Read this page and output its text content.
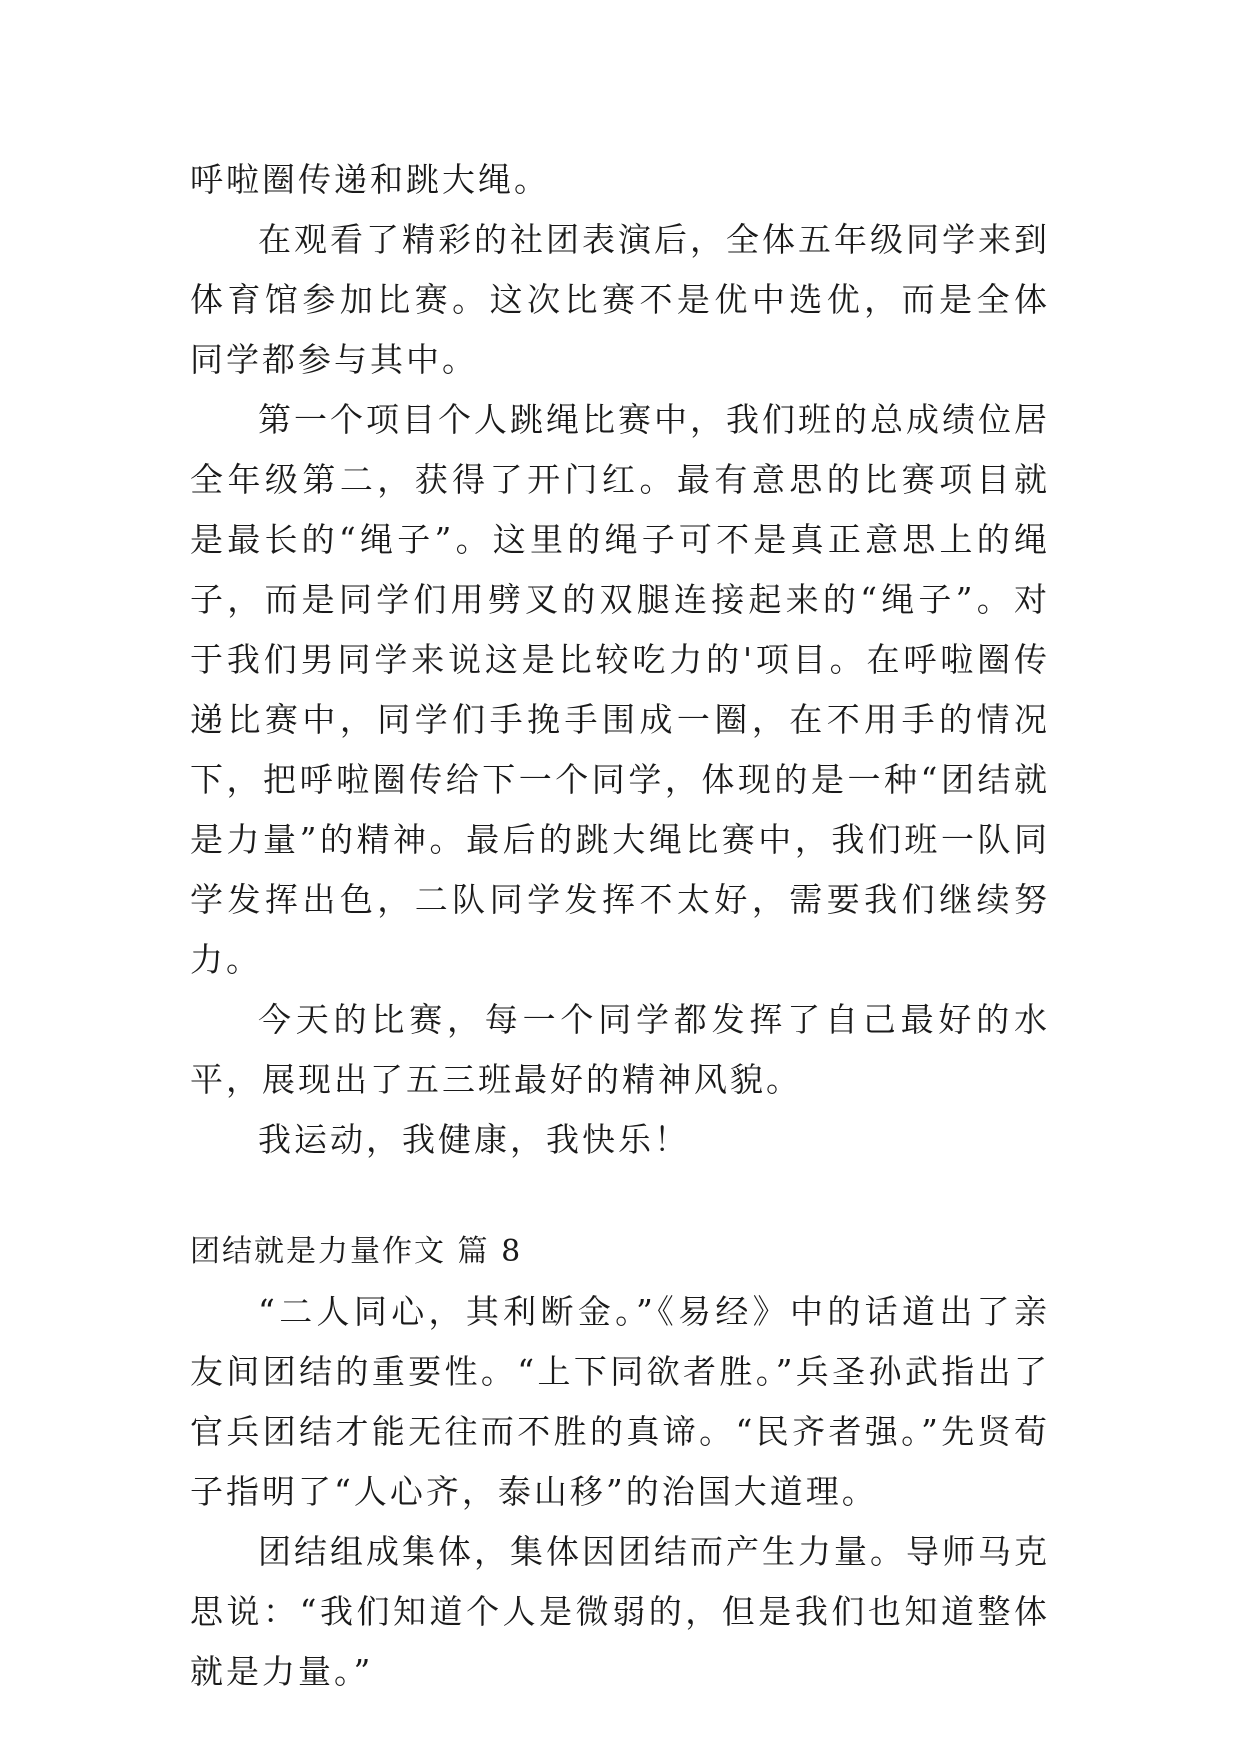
呼啦圈传递和跳大绳。

在观看了精彩的社团表演后，全体五年级同学来到体育馆参加比赛。这次比赛不是优中选优，而是全体同学都参与其中。

第一个项目个人跳绳比赛中，我们班的总成绩位居全年级第二，获得了开门红。最有意思的比赛项目就是最长的“绳子”。这里的绳子可不是真正意思上的绳子，而是同学们用劈叉的双腿连接起来的“绳子”。对于我们男同学来说这是比较吃力的'项目。在呼啦圈传递比赛中，同学们手挽手围成一圈，在不用手的情况下，把呼啦圈传给下一个同学，体现的是一种“团结就是力量”的精神。最后的跳大绳比赛中，我们班一队同学发挥出色，二队同学发挥不太好，需要我们继续努力。

今天的比赛，每一个同学都发挥了自己最好的水平，展现出了五三班最好的精神风貌。

我运动，我健康，我快乐！

团结就是力量作文 篇 8

“二人同心，其利断金。”《易经》中的话道出了亲友间团结的重要性。“上下同欲者胜。”兵圣孙武指出了官兵团结才能无往而不胜的真谛。“民齐者强。”先贤荀子指明了“人心齐，泰山移”的治国大道理。

团结组成集体，集体因团结而产生力量。导师马克思说：“我们知道个人是微弱的，但是我们也知道整体就是力量。”
